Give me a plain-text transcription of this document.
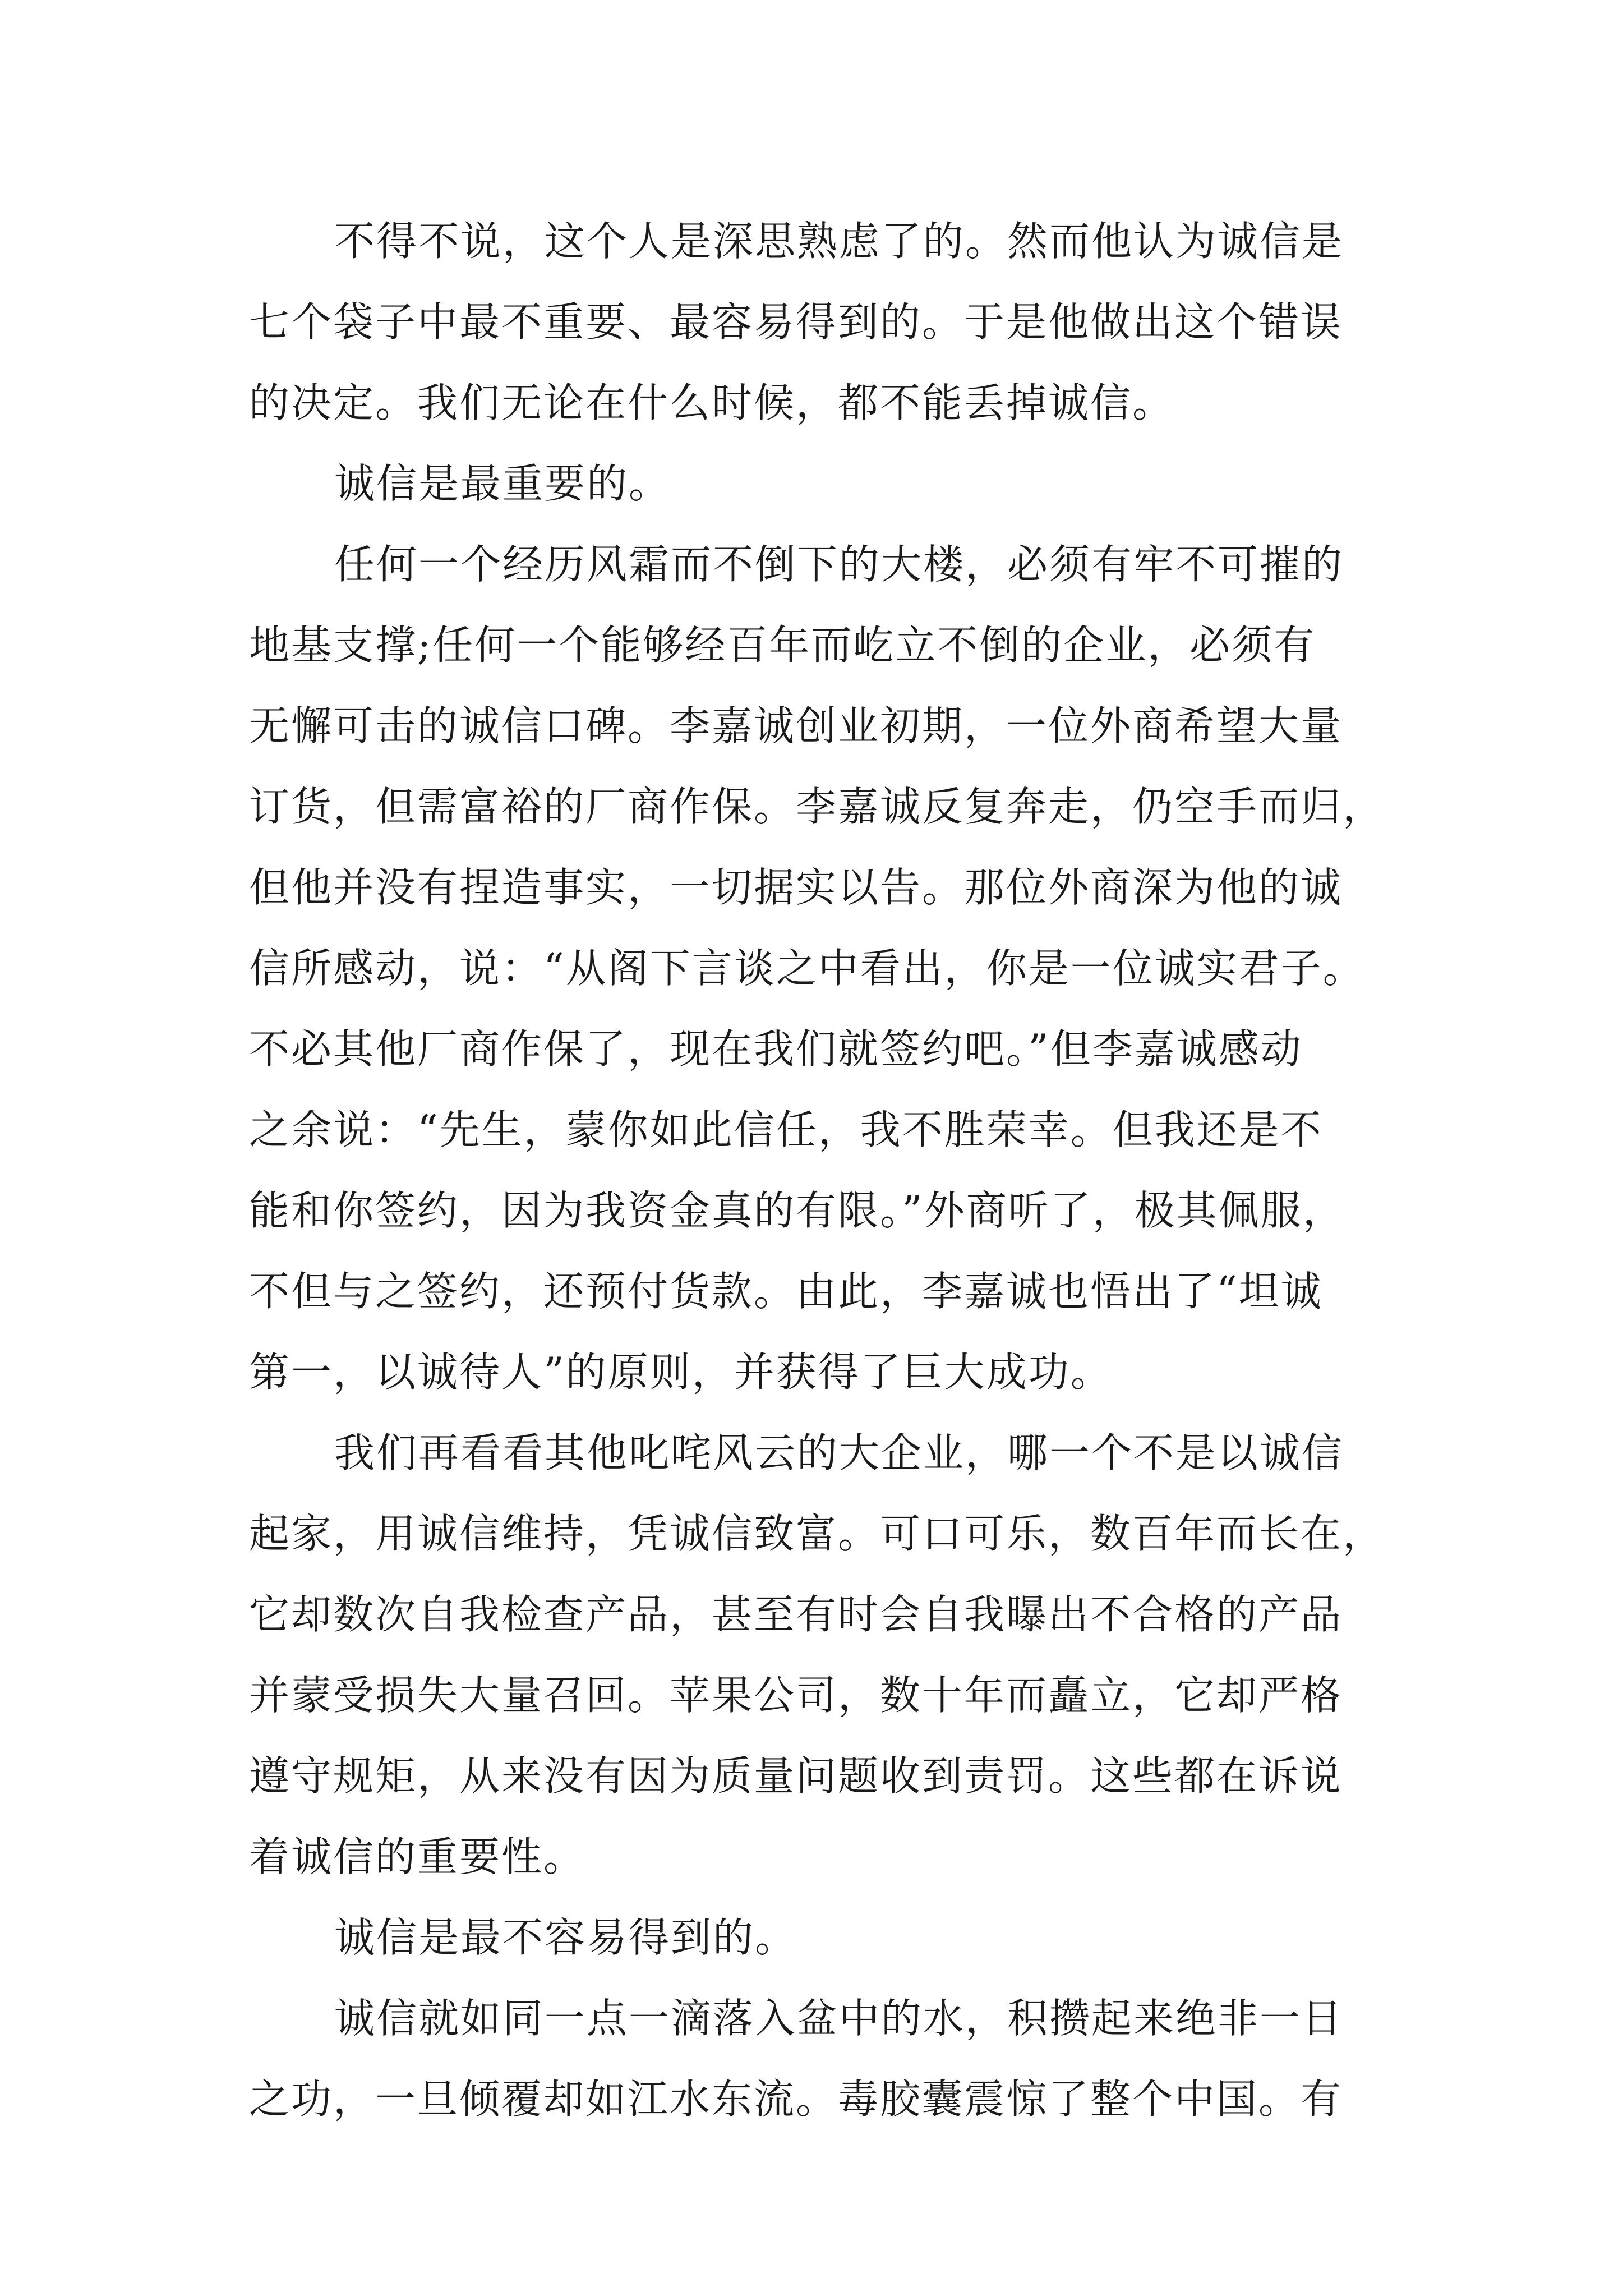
不得不说，这个人是深思熟虑了的。然而他认为诚信是
七个袋子中最不重要、最容易得到的。于是他做出这个错误
的决定。我们无论在什么时候，都不能丢掉诚信。
诚信是最重要的。
任何一个经历风霜而不倒下的大楼，必须有牢不可摧的
地基支撑;任何一个能够经百年而屹立不倒的企业，必须有
无懈可击的诚信口碑。李嘉诚创业初期，一位外商希望大量
订货，但需富裕的厂商作保。李嘉诚反复奔走，仍空手而归，
但他并没有捏造事实，一切据实以告。那位外商深为他的诚
信所感动，说：“从阁下言谈之中看出，你是一位诚实君子。
不必其他厂商作保了，现在我们就签约吧。”但李嘉诚感动
之余说：“先生，蒙你如此信任，我不胜荣幸。但我还是不
能和你签约，因为我资金真的有限。”外商听了，极其佩服，
不但与之签约，还预付货款。由此，李嘉诚也悟出了“坦诚
第一，以诚待人”的原则，并获得了巨大成功。
我们再看看其他叱咤风云的大企业，哪一个不是以诚信
起家，用诚信维持，凭诚信致富。可口可乐，数百年而长在，
它却数次自我检查产品，甚至有时会自我曝出不合格的产品
并蒙受损失大量召回。苹果公司，数十年而矗立，它却严格
遵守规矩，从来没有因为质量问题收到责罚。这些都在诉说
着诚信的重要性。
诚信是最不容易得到的。
诚信就如同一点一滴落入盆中的水，积攒起来绝非一日
之功，一旦倾覆却如江水东流。毒胶囊震惊了整个中国。有
